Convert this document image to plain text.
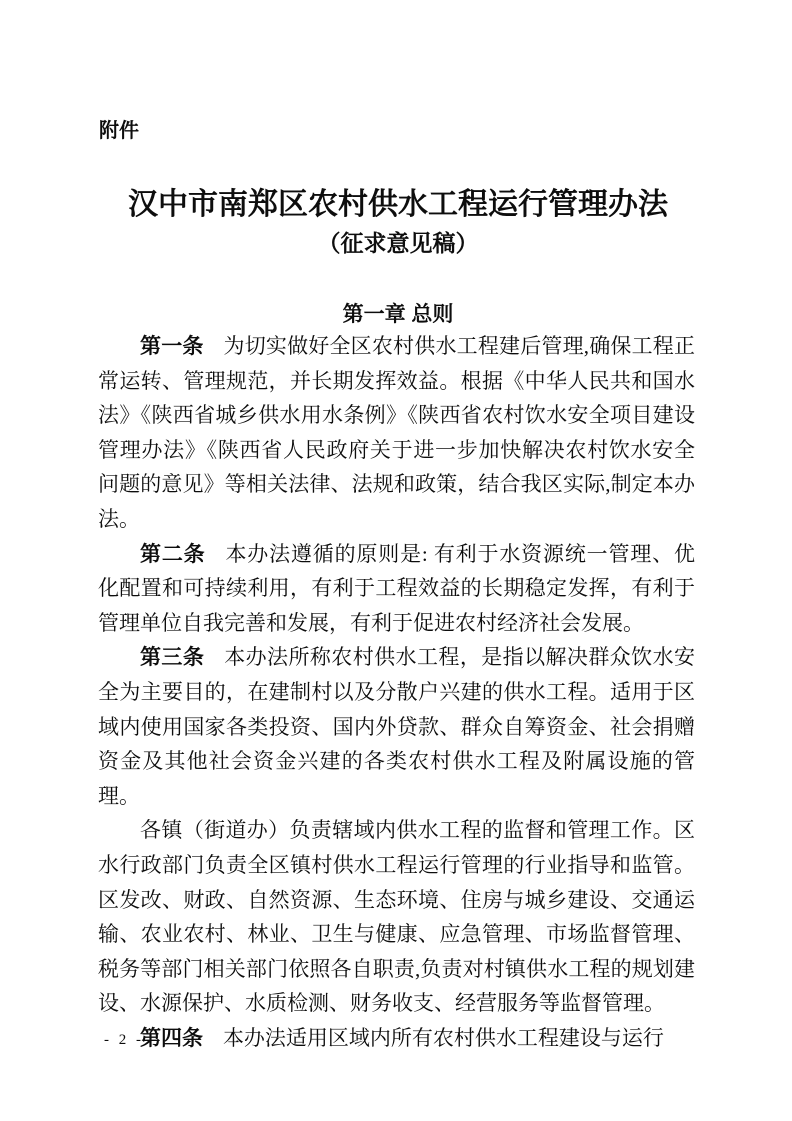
附件
汉中市南郑区农村供水工程运行管理办法
（征求意见稿）
第一章 总则

第一条 为切实做好全区农村供水工程建后管理,确保工程正常运转、管理规范，并长期发挥效益。根据《中华人民共和国水法》《陕西省城乡供水用水条例》《陕西省农村饮水安全项目建设管理办法》《陕西省人民政府关于进一步加快解决农村饮水安全问题的意见》等相关法律、法规和政策，结合我区实际,制定本办法。

第二条 本办法遵循的原则是: 有利于水资源统一管理、优化配置和可持续利用，有利于工程效益的长期稳定发挥，有利于管理单位自我完善和发展，有利于促进农村经济社会发展。

第三条 本办法所称农村供水工程，是指以解决群众饮水安全为主要目的，在建制村以及分散户兴建的供水工程。适用于区域内使用国家各类投资、国内外贷款、群众自筹资金、社会捐赠资金及其他社会资金兴建的各类农村供水工程及附属设施的管理。

各镇（街道办）负责辖域内供水工程的监督和管理工作。区水行政部门负责全区镇村供水工程运行管理的行业指导和监管。区发改、财政、自然资源、生态环境、住房与城乡建设、交通运输、农业农村、林业、卫生与健康、应急管理、市场监督管理、税务等部门相关部门依照各自职责,负责对村镇供水工程的规划建设、水源保护、水质检测、财务收支、经营服务等监督管理。

第四条 本办法适用区域内所有农村供水工程建设与运行

- 2 -
